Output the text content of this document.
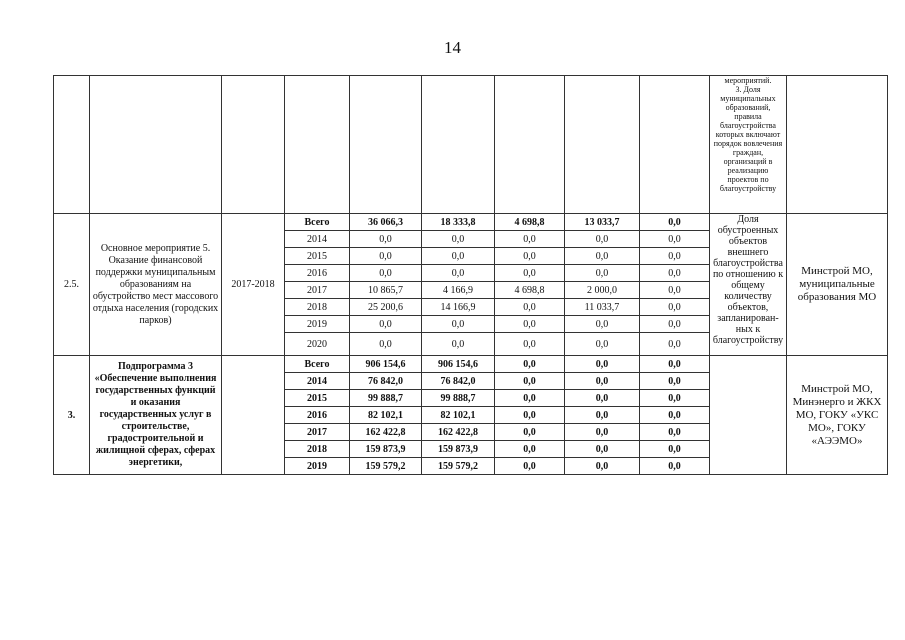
14

									мероприятий.
3. Доля муниципальных образований, правила благоустройства которых включают порядок вовлечения граждан, организаций в реализацию проектов по благоустройству	

2.5.	Основное мероприятие 5. Оказание финансовой поддержки муниципальным образованиям на обустройство мест массового отдыха населения (городских парков)	2017-2018	Всего	36 066,3	18 333,8	4 698,8	13 033,7	0,0	Доля обустроенных объектов внешнего благоустройства по отношению к общему количеству объектов, запланирован-ных к благоустройству	Минстрой МО, муниципальные образования МО
			2014	0,0	0,0	0,0	0,0	0,0		
			2015	0,0	0,0	0,0	0,0	0,0		
			2016	0,0	0,0	0,0	0,0	0,0		
			2017	10 865,7	4 166,9	4 698,8	2 000,0	0,0		
			2018	25 200,6	14 166,9	0,0	11 033,7	0,0		
			2019	0,0	0,0	0,0	0,0	0,0		
			2020	0,0	0,0	0,0	0,0	0,0		
3.	Подпрограмма 3 «Обеспечение выполнения государственных функций и оказания государственных услуг в строительстве, градостроительной и жилищной сферах, сферах энергетики,		Всего	906 154,6	906 154,6	0,0	0,0	0,0		Минстрой МО, Минэнерго и ЖКХ МО, ГОКУ «УКС МО», ГОКУ «АЭЭМО»
			2014	76 842,0	76 842,0	0,0	0,0	0,0		
			2015	99 888,7	99 888,7	0,0	0,0	0,0		
			2016	82 102,1	82 102,1	0,0	0,0	0,0		
			2017	162 422,8	162 422,8	0,0	0,0	0,0		
			2018	159 873,9	159 873,9	0,0	0,0	0,0		
			2019	159 579,2	159 579,2	0,0	0,0	0,0		
